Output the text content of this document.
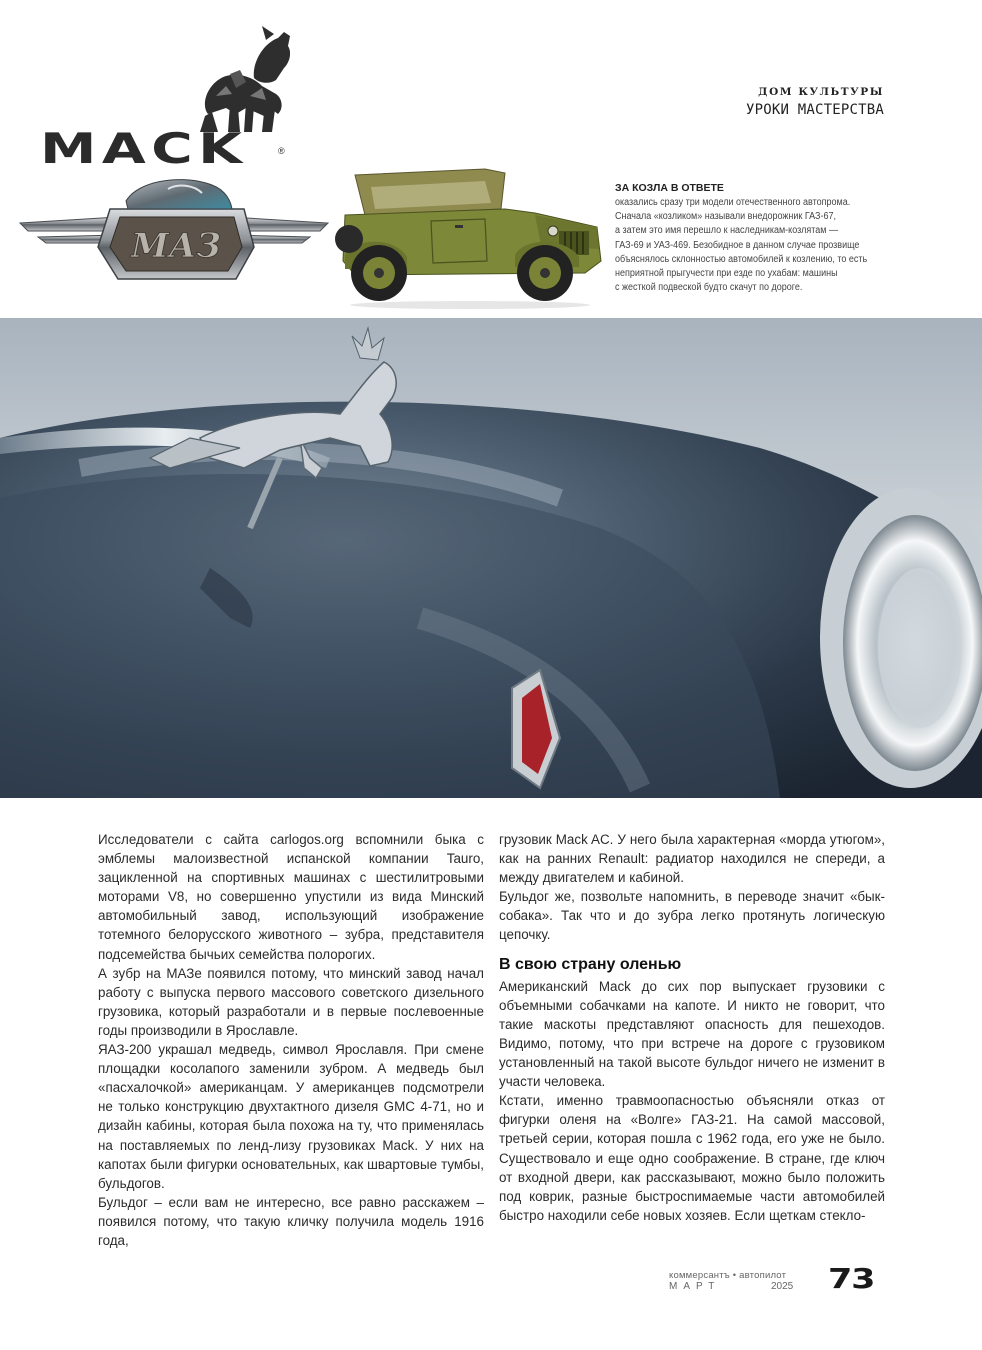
ДОМ КУЛЬТУРЫ
УРОКИ МАСТЕРСТВА
MACK	®
МАЗ
ЗА КОЗЛА В ОТВЕТЕ
оказались сразу три модели отечественного автопрома.
Сначала «козликом» называли внедорожник ГАЗ-67,
а затем это имя перешло к наследникам-козлятам —
ГАЗ-69 и УАЗ-469. Безобидное в данном случае прозвище
объяснялось склонностью автомобилей к козлению, то есть
неприятной прыгучести при езде по ухабам: машины
с жесткой подвеской будто скачут по дороге.

Исследователи с сайта carlogos.org вспомнили быка с эмблемы малоизвестной испанской компании Tauro, зацикленной на спортивных машинах с шестилитровыми моторами V8, но совершенно упустили из вида Минский автомобильный завод, использующий изображение тотемного белорусского животного – зубра, представителя подсемейства бычьих семейства полорогих.

А зубр на МАЗе появился потому, что минский завод начал работу с выпуска первого массового советского дизельного грузовика, который разработали и в первые послевоенные годы производили в Ярославле.

ЯАЗ-200 украшал медведь, символ Ярославля. При смене площадки косолапого заменили зубром. А медведь был «пасхалочкой» американцам. У американцев подсмотрели не только конструкцию двухтактного дизеля GMC 4-71, но и дизайн кабины, которая была похожа на ту, что применялась на поставляемых по ленд-лизу грузовиках Mack. У них на капотах были фигурки основательных, как швартовые тумбы, бульдогов.

Бульдог – если вам не интересно, все равно расскажем – появился потому, что такую кличку получила модель 1916 года,

грузовик Mack AC. У него была характерная «морда утюгом», как на ранних Renault: радиатор находился не спереди, а между двигателем и кабиной.

Бульдог же, позвольте напомнить, в переводе значит «бык-собака». Так что и до зубра легко протянуть логическую цепочку.

В свою страну оленью

Американский Mack до сих пор выпускает грузовики с объемными собачками на капоте. И никто не говорит, что такие маскоты представляют опасность для пешеходов. Видимо, потому, что при встрече на дороге с грузовиком установленный на такой высоте бульдог ничего не изменит в участи человека.

Кстати, именно травмоопасностью объясняли отказ от фигурки оленя на «Волге» ГАЗ-21. На самой массовой, третьей серии, которая пошла с 1962 года, его уже не было. Существовало и еще одно соображение. В стране, где ключ от входной двери, как рассказывают, можно было положить под коврик, разные быстросnимаемые части автомобилей быстро находили себе новых хозяев. Если щеткам стекло-

коммерсантъ • автопилот
МАРТ	2025 73
